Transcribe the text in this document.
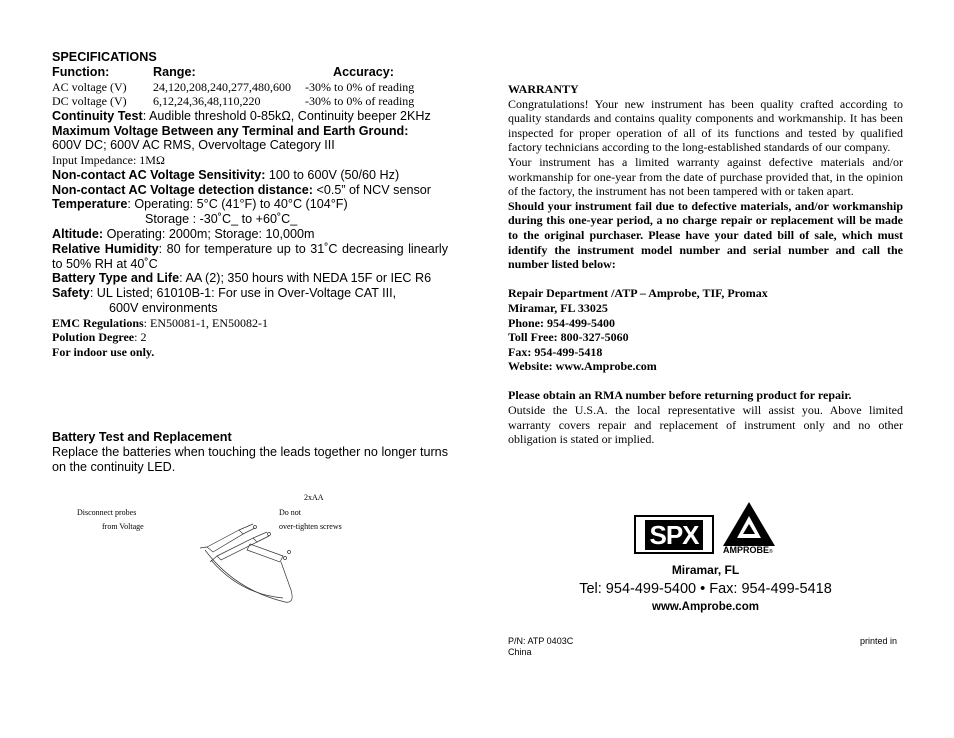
SPECIFICATIONS
Function:	Range:	Accuracy:
AC voltage (V)	24,120,208,240,277,480,600	-30% to 0% of reading
DC voltage (V)	6,12,24,36,48,110,220	-30% to 0% of reading
Continuity Test: Audible threshold 0-85kΩ, Continuity beeper 2KHz
Maximum Voltage Between any Terminal and Earth Ground:
600V DC; 600V AC RMS, Overvoltage Category III
Input Impedance: 1MΩ
Non-contact AC Voltage Sensitivity: 100 to 600V (50/60 Hz)
Non-contact AC Voltage detection distance: <0.5” of NCV sensor
Temperature: Operating: 5°C (41°F) to 40°C (104°F)
Storage : -30˚C_ to +60˚C_
Altitude: Operating: 2000m; Storage: 10,000m
Relative Humidity: 80 for temperature up to 31˚C decreasing linearly to 50% RH at 40˚C
Battery Type and Life: AA (2); 350 hours with NEDA 15F or IEC R6
Safety: UL Listed; 61010B-1: For use in Over-Voltage CAT III,
600V environments
EMC Regulations: EN50081-1, EN50082-1
Polution Degree: 2
For indoor use only.
Battery Test and Replacement
Replace the batteries when touching the leads together no longer turns on the continuity LED.
2xAA
Disconnect probes
from Voltage
Do not
over-tighten screws
WARRANTY
Congratulations! Your new instrument has been quality crafted according to quality standards and contains quality components and workmanship. It has been inspected for proper operation of all of its functions and tested by qualified factory technicians according to the long-established standards of our company.
Your instrument has a limited warranty against defective materials and/or workmanship for one-year from the date of purchase provided that, in the opinion of the factory, the instrument has not been tampered with or taken apart.
Should your instrument fail due to defective materials, and/or workmanship during this one-year period, a no charge repair or replacement will be made to the original purchaser. Please have your dated bill of sale, which must identify the instrument model number and serial number and call the number listed below:
Repair Department /ATP – Amprobe, TIF, Promax
Miramar, FL 33025
Phone: 954-499-5400
Toll Free: 800-327-5060
Fax: 954-499-5418
Website: www.Amprobe.com
Please obtain an RMA number before returning product for repair.
Outside the U.S.A. the local representative will assist you. Above limited warranty covers repair and replacement of instrument only and no other obligation is stated or implied.
SPX
AMPROBE®
Miramar, FL
Tel: 954-499-5400 • Fax: 954-499-5418
www.Amprobe.com
P/N: ATP 0403C	printed in
China
